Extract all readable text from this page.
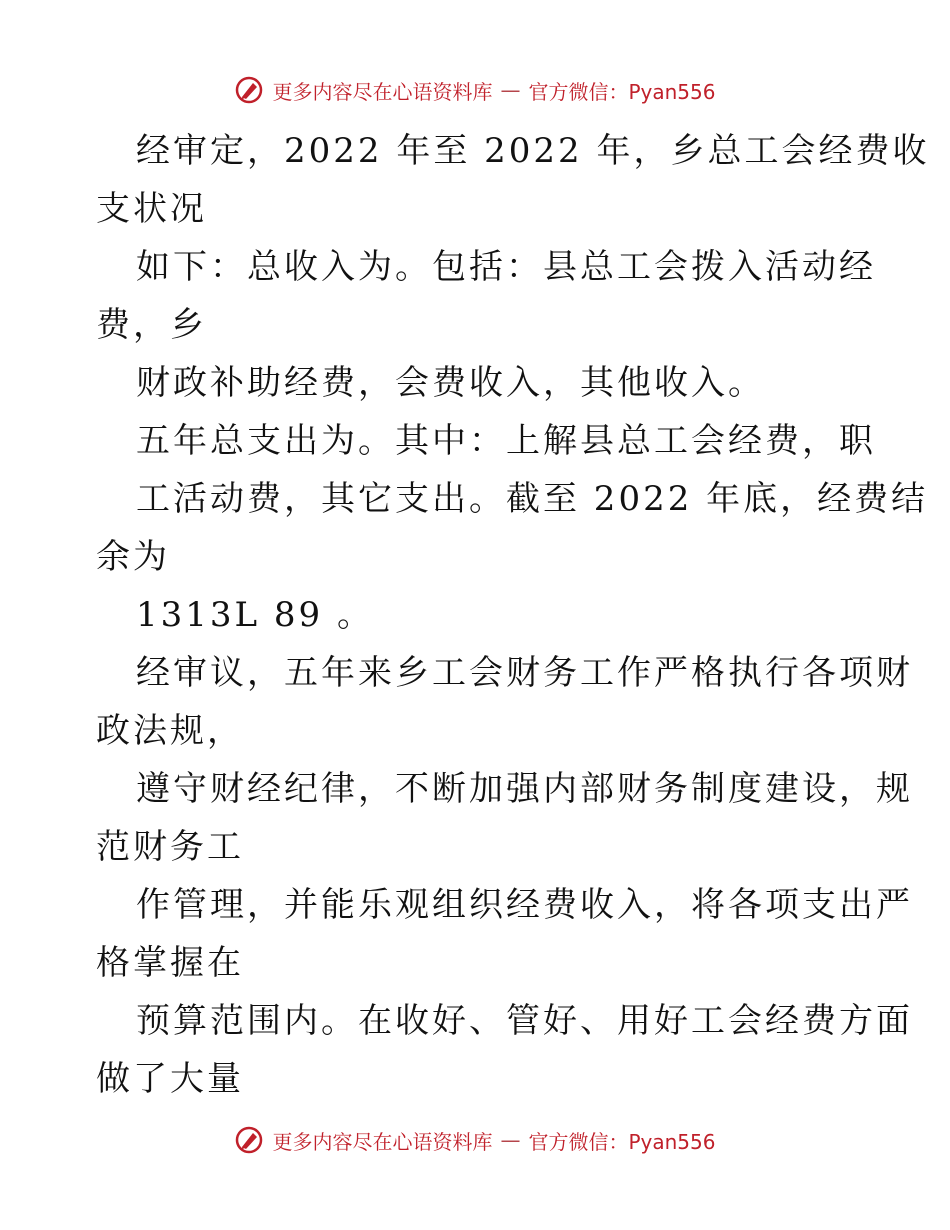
更多内容尽在心语资料库 — 官方微信：Pyan556
经审定，2022 年至 2022 年，乡总工会经费收
支状况
如下：总收入为。包括：县总工会拨入活动经
费，乡
财政补助经费，会费收入，其他收入。
五年总支出为。其中：上解县总工会经费，职
工活动费，其它支出。截至 2022 年底，经费结
余为
1313L 89 。
经审议，五年来乡工会财务工作严格执行各项财
政法规，
遵守财经纪律，不断加强内部财务制度建设，规
范财务工
作管理，并能乐观组织经费收入，将各项支出严
格掌握在
预算范围内。在收好、管好、用好工会经费方面
做了大量
更多内容尽在心语资料库 — 官方微信：Pyan556
